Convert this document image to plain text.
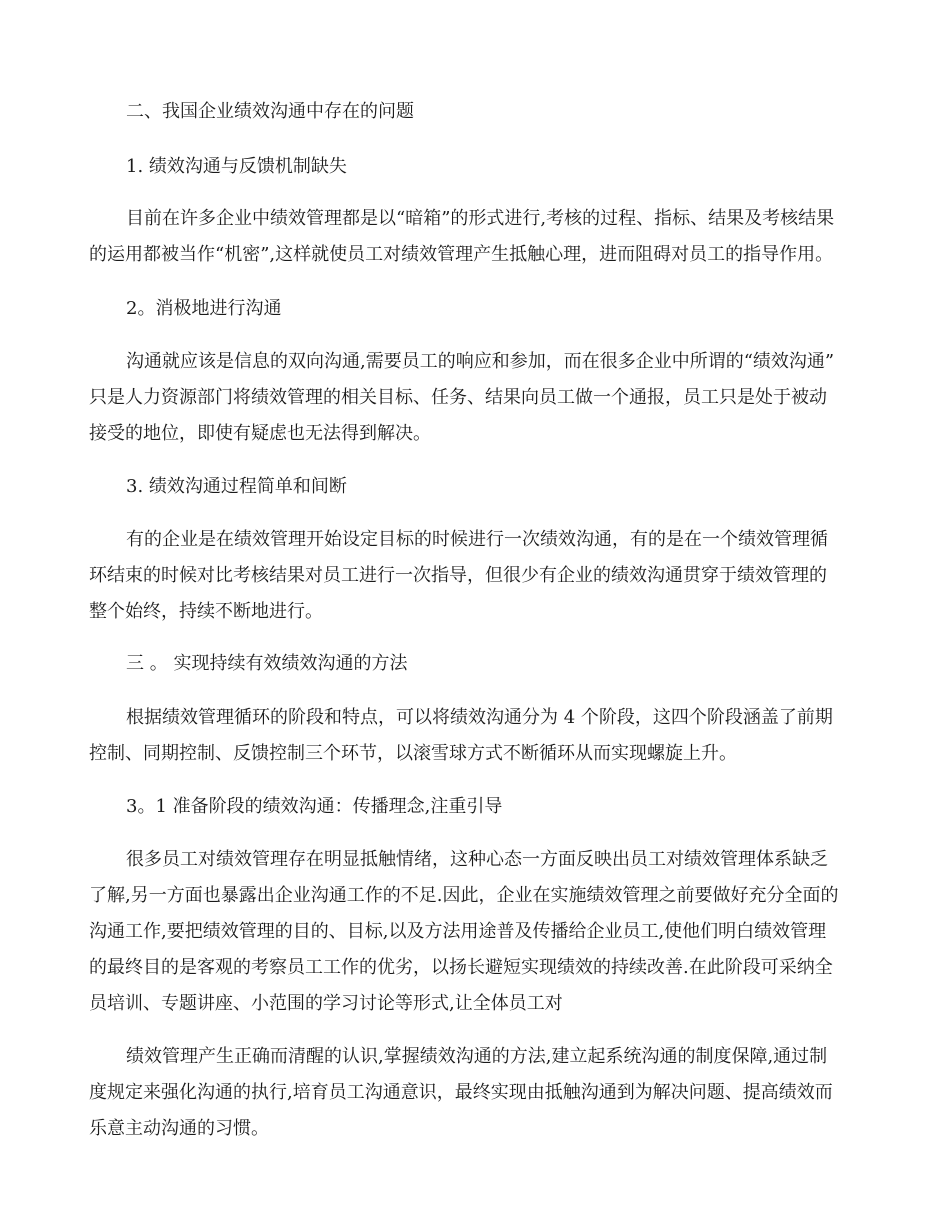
二、我国企业绩效沟通中存在的问题
1. 绩效沟通与反馈机制缺失
目前在许多企业中绩效管理都是以“暗箱”的形式进行,考核的过程、指标、结果及考核结果
的运用都被当作“机密”,这样就使员工对绩效管理产生抵触心理，进而阻碍对员工的指导作用。
2。消极地进行沟通
沟通就应该是信息的双向沟通,需要员工的响应和参加，而在很多企业中所谓的“绩效沟通”
只是人力资源部门将绩效管理的相关目标、任务、结果向员工做一个通报，员工只是处于被动
接受的地位，即使有疑虑也无法得到解决。
3. 绩效沟通过程简单和间断
有的企业是在绩效管理开始设定目标的时候进行一次绩效沟通，有的是在一个绩效管理循
环结束的时候对比考核结果对员工进行一次指导，但很少有企业的绩效沟通贯穿于绩效管理的
整个始终，持续不断地进行。
三 。 实现持续有效绩效沟通的方法
根据绩效管理循环的阶段和特点，可以将绩效沟通分为 4 个阶段，这四个阶段涵盖了前期
控制、同期控制、反馈控制三个环节，以滚雪球方式不断循环从而实现螺旋上升。
3。1 准备阶段的绩效沟通：传播理念,注重引导
很多员工对绩效管理存在明显抵触情绪，这种心态一方面反映出员工对绩效管理体系缺乏
了解,另一方面也暴露出企业沟通工作的不足.因此，企业在实施绩效管理之前要做好充分全面的
沟通工作,要把绩效管理的目的、目标,以及方法用途普及传播给企业员工,使他们明白绩效管理
的最终目的是客观的考察员工工作的优劣，以扬长避短实现绩效的持续改善.在此阶段可采纳全
员培训、专题讲座、小范围的学习讨论等形式,让全体员工对
绩效管理产生正确而清醒的认识,掌握绩效沟通的方法,建立起系统沟通的制度保障,通过制
度规定来强化沟通的执行,培育员工沟通意识，最终实现由抵触沟通到为解决问题、提高绩效而
乐意主动沟通的习惯。
